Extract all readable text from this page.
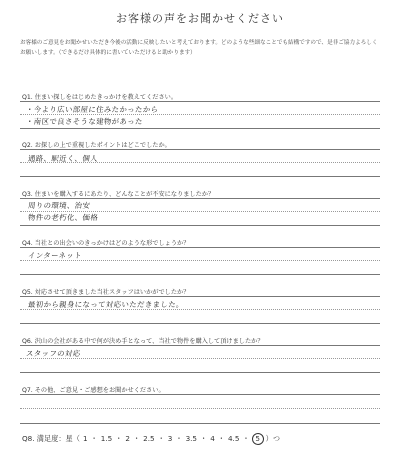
お客様の声をお聞かせください
お客様のご意見をお聞かせいただき今後の活動に反映したいと考えております。どのような些細なことでも結構ですので、是非ご協力よろしくお願いします。（できるだけ具体的に書いていただけると助かります）
Q1. 住まい探しをはじめたきっかけを教えてください。
・今より広い部屋に住みたかったから
・南区で良さそうな建物があった
Q2. お探しの上で重視したポイントはどこでしたか。
通路、駅近く、個人
Q3. 住まいを購入するにあたり、どんなことが不安になりましたか？
周りの環境、治安
物件の老朽化、価格
Q4. 当社との出会いのきっかけはどのような形でしょうか？
インターネット
Q5. 対応させて頂きました当社スタッフはいかがでしたか？
最初から親身になって対応いただきました。
Q6. 沢山の会社がある中で何が決め手となって、当社で物件を購入して頂けましたか？
スタッフの対応
Q7. その他、ご意見・ご感想をお聞かせください。
Q8. 満足度：星（ 1 ・ 1.5 ・ 2 ・ 2.5 ・ 3 ・ 3.5 ・ 4 ・ 4.5 ・ 5 ）つ
